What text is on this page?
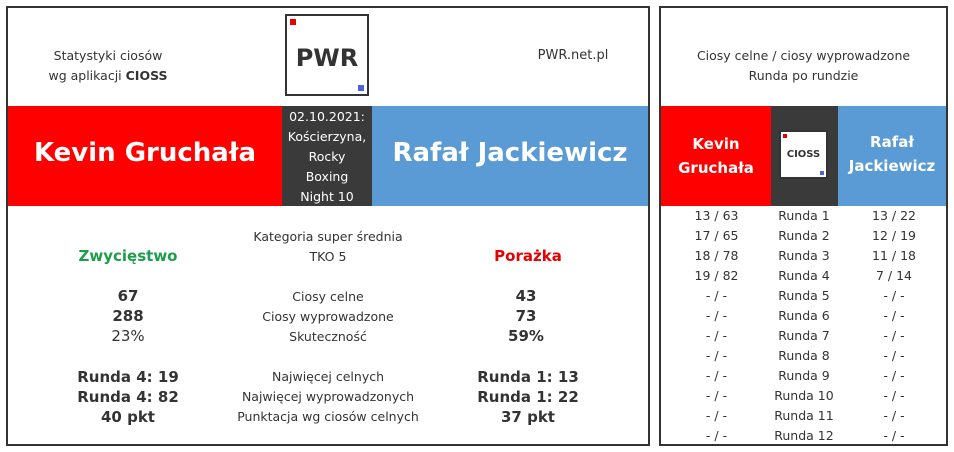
Statystyki ciosów
wg aplikacji CIOSS
PWR	PWR.net.pl
Kevin Gruchała
02.10.2021:
Kościerzyna,
Rocky
Boxing
Night 10
Rafał Jackiewicz
Kategoria super średnia
TKO 5
Zwycięstwo	Porażka
67	Ciosy celne	43
288	Ciosy wyprowadzone	73
23%	Skuteczność	59%
Runda 4: 19	Najwięcej celnych	Runda 1: 13
Runda 4: 82	Najwięcej wyprowadzonych	Runda 1: 22
40 pkt	Punktacja wg ciosów celnych	37 pkt
Ciosy celne / ciosy wyprowadzone
Runda po rundzie
Kevin
Gruchała
CIOSS
Rafał
Jackiewicz
13 / 63	Runda 1	13 / 22
17 / 65	Runda 2	12 / 19
18 / 78	Runda 3	11 / 18
19 / 82	Runda 4	7 / 14
- / -	Runda 5	- / -
- / -	Runda 6	- / -
- / -	Runda 7	- / -
- / -	Runda 8	- / -
- / -	Runda 9	- / -
- / -	Runda 10	- / -
- / -	Runda 11	- / -
- / -	Runda 12	- / -
